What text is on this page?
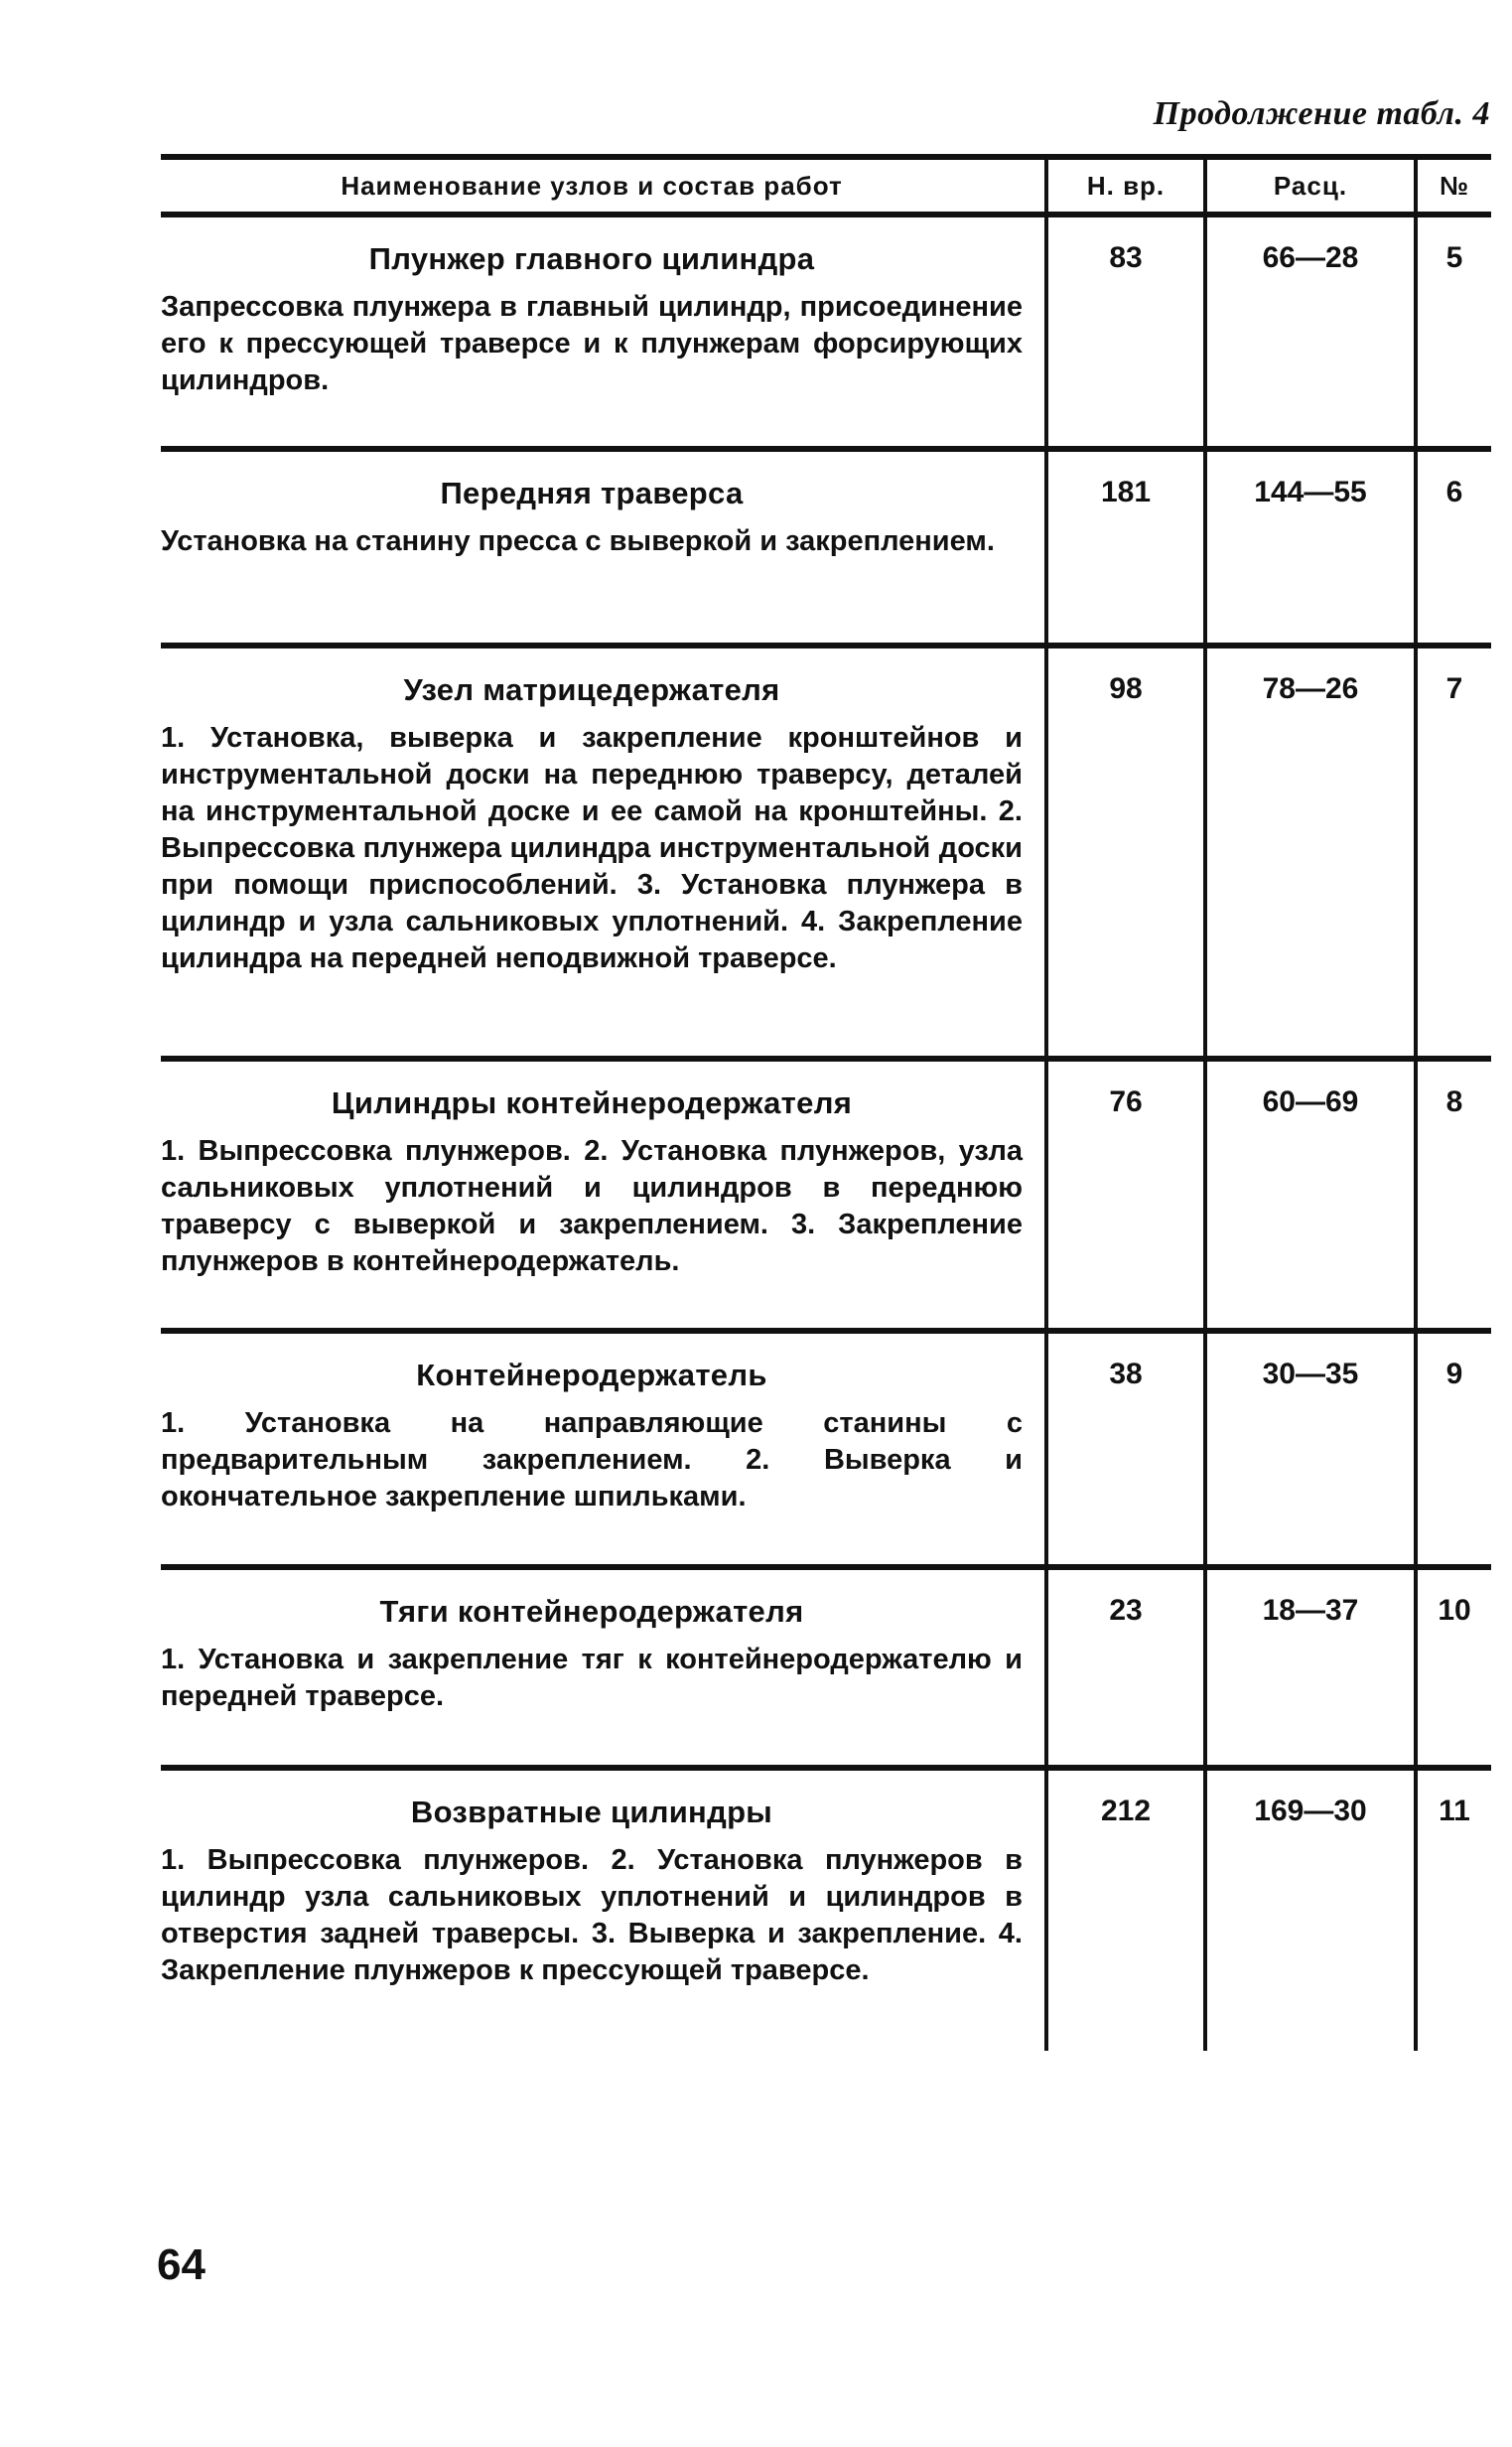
Продолжение табл. 4
Наименование узлов и состав работ	Н. вр.	Расц.	№
Плунжер главного цилиндра
Запрессовка плунжера в главный цилиндр, присоединение его к прессующей траверсе и к плунжерам форсирующих цилиндров.
83	66—28	5
Передняя траверса
Установка на станину пресса с выверкой и закреплением.
181	144—55	6
Узел матрицедержателя
1. Установка, выверка и закрепление кронштейнов и инструментальной доски на переднюю траверсу, деталей на инструментальной доске и ее самой на кронштейны. 2. Выпрессовка плунжера цилиндра инструментальной доски при помощи приспособлений. 3. Установка плунжера в цилиндр и узла сальниковых уплотнений. 4. Закрепление цилиндра на передней неподвижной траверсе.
98	78—26	7
Цилиндры контейнеродержателя
1. Выпрессовка плунжеров. 2. Установка плунжеров, узла сальниковых уплотнений и цилиндров в переднюю траверсу с выверкой и закреплением. 3. Закрепление плунжеров в контейнеродержатель.
76	60—69	8
Контейнеродержатель
1. Установка на направляющие станины с предварительным закреплением. 2. Выверка и окончательное закрепление шпильками.
38	30—35	9
Тяги контейнеродержателя
1. Установка и закрепление тяг к контейнеродержателю и передней траверсе.
23	18—37	10
Возвратные цилиндры
1. Выпрессовка плунжеров. 2. Установка плунжеров в цилиндр узла сальниковых уплотнений и цилиндров в отверстия задней траверсы. 3. Выверка и закрепление. 4. Закрепление плунжеров к прессующей траверсе.
212	169—30	11
64
